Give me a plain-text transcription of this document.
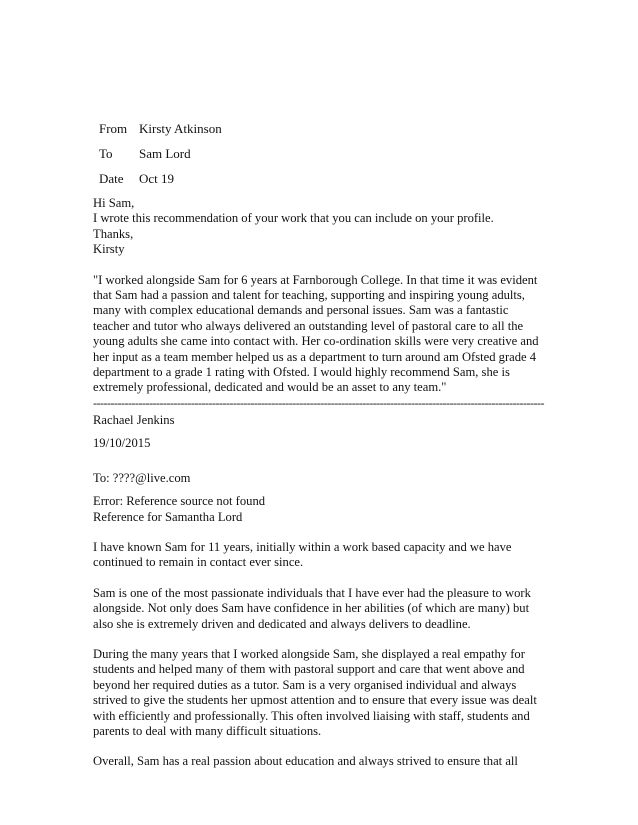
From Kirsty Atkinson
To Sam Lord
Date Oct 19
Hi Sam,
I wrote this recommendation of your work that you can include on your profile.
Thanks,
Kirsty
"I worked alongside Sam for 6 years at Farnborough College. In that time it was evident
that Sam had a passion and talent for teaching, supporting and inspiring young adults,
many with complex educational demands and personal issues. Sam was a fantastic
teacher and tutor who always delivered an outstanding level of pastoral care to all the
young adults she came into contact with. Her co-ordination skills were very creative and
her input as a team member helped us as a department to turn around am Ofsted grade 4
department to a grade 1 rating with Ofsted. I would highly recommend Sam, she is
extremely professional, dedicated and would be an asset to any team."
---------------------------------------------------------------------------------------------------------------------------------
Rachael Jenkins
19/10/2015
To: ????@live.com
Error: Reference source not found
Reference for Samantha Lord
I have known Sam for 11 years, initially within a work based capacity and we have
continued to remain in contact ever since.
Sam is one of the most passionate individuals that I have ever had the pleasure to work
alongside. Not only does Sam have confidence in her abilities (of which are many) but
also she is extremely driven and dedicated and always delivers to deadline.
During the many years that I worked alongside Sam, she displayed a real empathy for
students and helped many of them with pastoral support and care that went above and
beyond her required duties as a tutor. Sam is a very organised individual and always
strived to give the students her upmost attention and to ensure that every issue was dealt
with efficiently and professionally. This often involved liaising with staff, students and
parents to deal with many difficult situations.
Overall, Sam has a real passion about education and always strived to ensure that all
